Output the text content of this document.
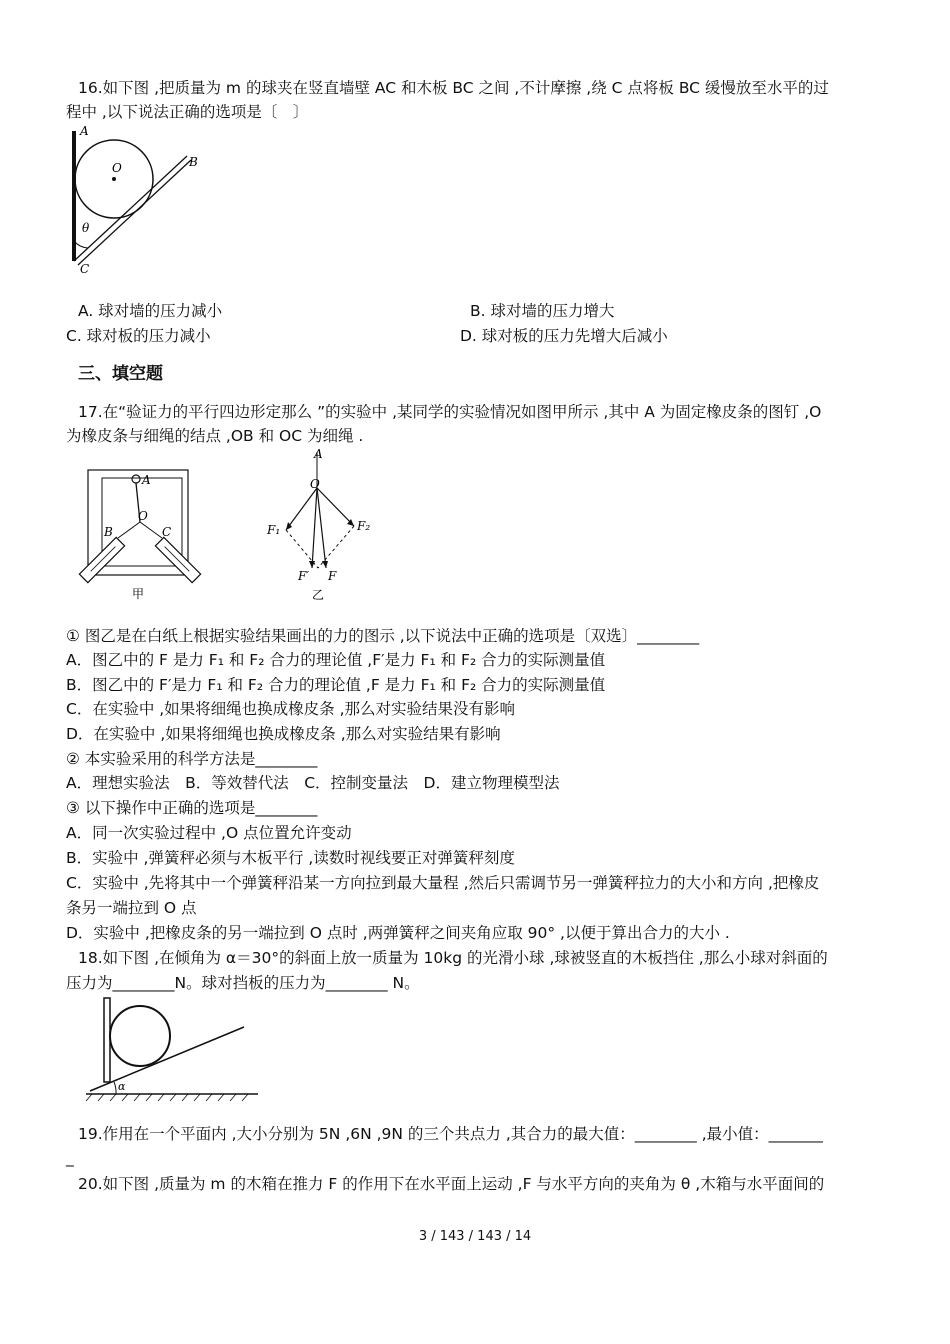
16.如下图 ,把质量为 m 的球夹在竖直墙壁 AC 和木板 BC 之间 ,不计摩擦 ,绕 C 点将板 BC 缓慢放至水平的过
程中 ,以下说法正确的选项是〔　〕
A
B
C
O
θ
A. 球对墙的压力减小	B. 球对墙的压力增大
C. 球对板的压力减小	D. 球对板的压力先增大后减小
三、填空题
17.在“验证力的平行四边形定那么 ”的实验中 ,某同学的实验情况如图甲所示 ,其中 A 为固定橡皮条的图钉 ,O
为橡皮条与细绳的结点 ,OB 和 OC 为细绳 .
A
B	C
O
甲
A
O
F₁	F₂
F′ F
乙
① 图乙是在白纸上根据实验结果画出的力的图示 ,以下说法中正确的选项是〔双选〕________
A．图乙中的 F 是力 F₁ 和 F₂ 合力的理论值 ,F′是力 F₁ 和 F₂ 合力的实际测量值
B．图乙中的 F′是力 F₁ 和 F₂ 合力的理论值 ,F 是力 F₁ 和 F₂ 合力的实际测量值
C．在实验中 ,如果将细绳也换成橡皮条 ,那么对实验结果没有影响
D．在实验中 ,如果将细绳也换成橡皮条 ,那么对实验结果有影响
② 本实验采用的科学方法是________
A．理想实验法　B．等效替代法　C．控制变量法　D．建立物理模型法
③ 以下操作中正确的选项是________
A．同一次实验过程中 ,O 点位置允许变动
B．实验中 ,弹簧秤必须与木板平行 ,读数时视线要正对弹簧秤刻度
C．实验中 ,先将其中一个弹簧秤沿某一方向拉到最大量程 ,然后只需调节另一弹簧秤拉力的大小和方向 ,把橡皮
条另一端拉到 O 点
D．实验中 ,把橡皮条的另一端拉到 O 点时 ,两弹簧秤之间夹角应取 90° ,以便于算出合力的大小 .
18.如下图 ,在倾角为 α＝30°的斜面上放一质量为 10kg 的光滑小球 ,球被竖直的木板挡住 ,那么小球对斜面的
压力为________N。球对挡板的压力为________ N。
α
19.作用在一个平面内 ,大小分别为 5N ,6N ,9N 的三个共点力 ,其合力的最大值：________ ,最小值：_______
_
20.如下图 ,质量为 m 的木箱在推力 F 的作用下在水平面上运动 ,F 与水平方向的夹角为 θ ,木箱与水平面间的
3 / 143 / 143 / 14
